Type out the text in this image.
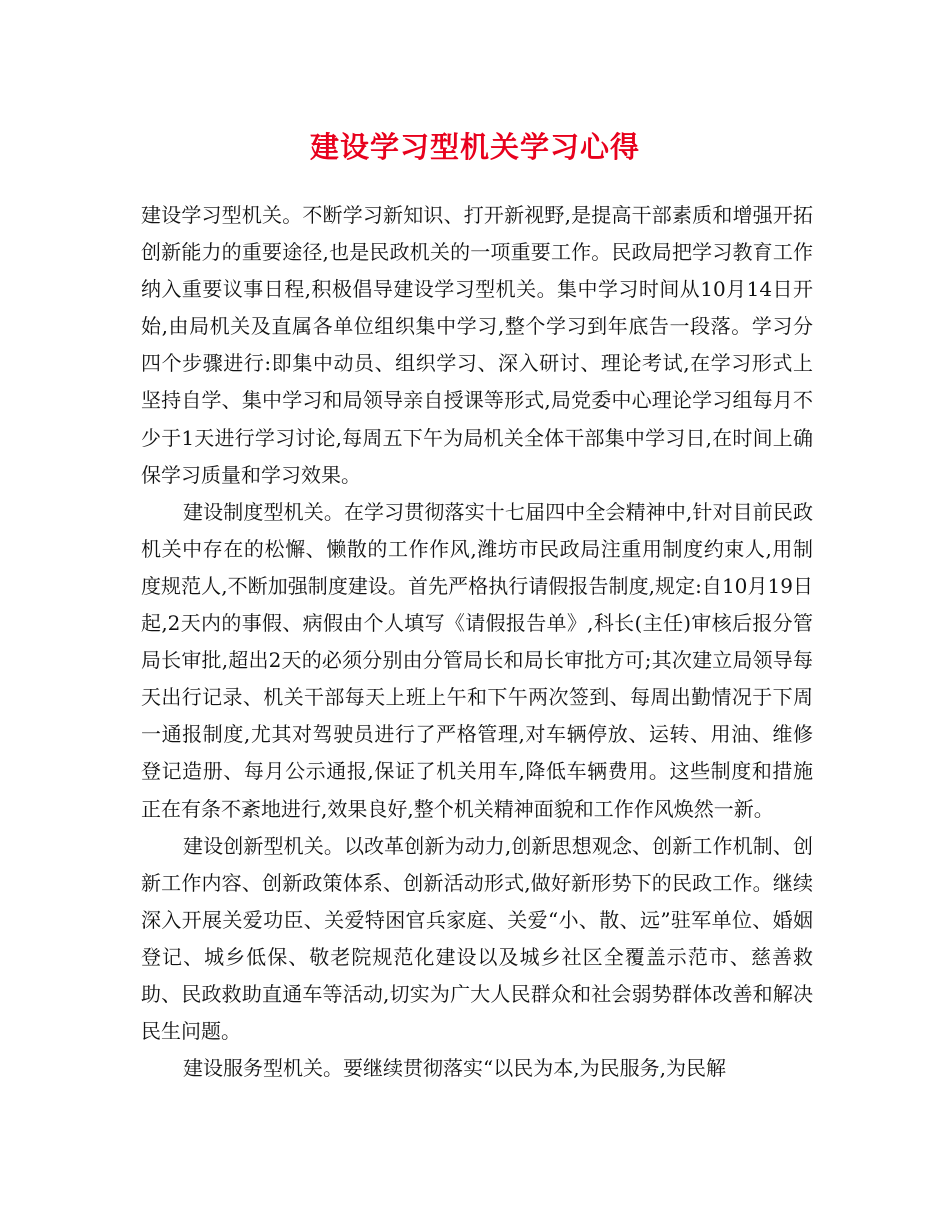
建设学习型机关学习心得

建设学习型机关。不断学习新知识、打开新视野,是提高干部素质和增强开拓创新能力的重要途径,也是民政机关的一项重要工作。民政局把学习教育工作纳入重要议事日程,积极倡导建设学习型机关。集中学习时间从10月14日开始,由局机关及直属各单位组织集中学习,整个学习到年底告一段落。学习分四个步骤进行:即集中动员、组织学习、深入研讨、理论考试,在学习形式上坚持自学、集中学习和局领导亲自授课等形式,局党委中心理论学习组每月不少于1天进行学习讨论,每周五下午为局机关全体干部集中学习日,在时间上确保学习质量和学习效果。

建设制度型机关。在学习贯彻落实十七届四中全会精神中,针对目前民政机关中存在的松懈、懒散的工作作风,潍坊市民政局注重用制度约束人,用制度规范人,不断加强制度建设。首先严格执行请假报告制度,规定:自10月19日起,2天内的事假、病假由个人填写《请假报告单》,科长(主任)审核后报分管局长审批,超出2天的必须分别由分管局长和局长审批方可;其次建立局领导每天出行记录、机关干部每天上班上午和下午两次签到、每周出勤情况于下周一通报制度,尤其对驾驶员进行了严格管理,对车辆停放、运转、用油、维修登记造册、每月公示通报,保证了机关用车,降低车辆费用。这些制度和措施正在有条不紊地进行,效果良好,整个机关精神面貌和工作作风焕然一新。

建设创新型机关。以改革创新为动力,创新思想观念、创新工作机制、创新工作内容、创新政策体系、创新活动形式,做好新形势下的民政工作。继续深入开展关爱功臣、关爱特困官兵家庭、关爱“小、散、远”驻军单位、婚姻登记、城乡低保、敬老院规范化建设以及城乡社区全覆盖示范市、慈善救助、民政救助直通车等活动,切实为广大人民群众和社会弱势群体改善和解决民生问题。

建设服务型机关。要继续贯彻落实“以民为本,为民服务,为民解
